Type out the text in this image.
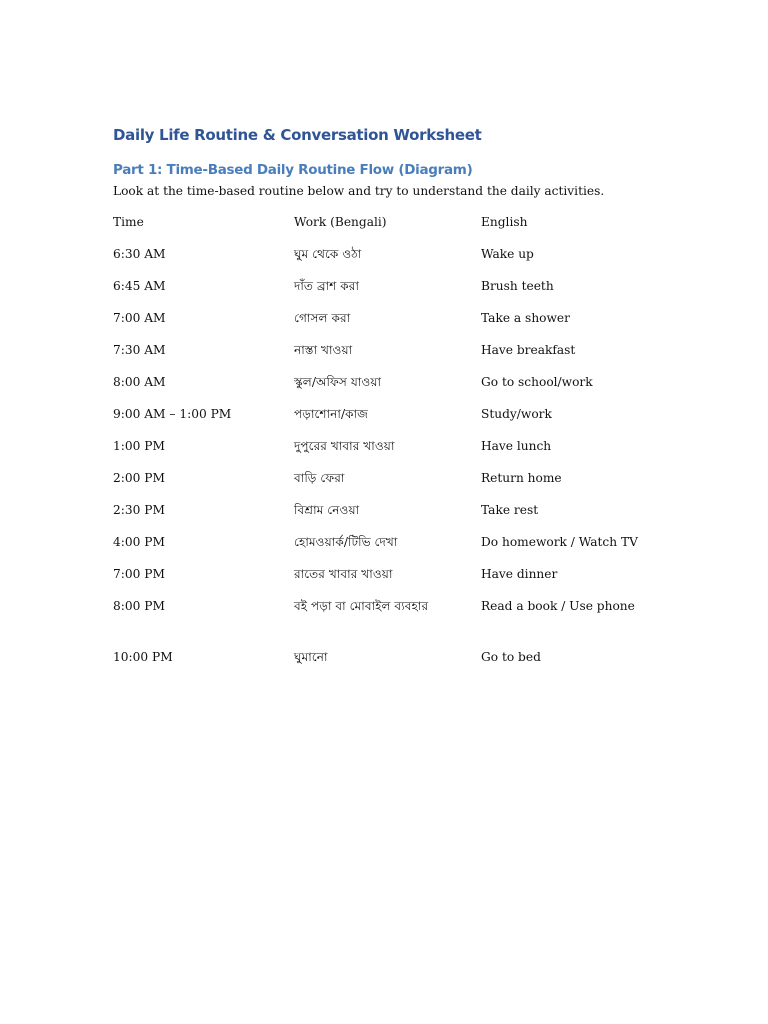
Daily Life Routine & Conversation Worksheet
Part 1: Time-Based Daily Routine Flow (Diagram)

Look at the time-based routine below and try to understand the daily activities.

Time	Work (Bengali)	English
6:30 AM	ঘুম থেকে ওঠা	Wake up
6:45 AM	দাঁত ব্রাশ করা	Brush teeth
7:00 AM	গোসল করা	Take a shower
7:30 AM	নাস্তা খাওয়া	Have breakfast
8:00 AM	স্কুল/অফিস যাওয়া	Go to school/work
9:00 AM – 1:00 PM	পড়াশোনা/কাজ	Study/work
1:00 PM	দুপুরের খাবার খাওয়া	Have lunch
2:00 PM	বাড়ি ফেরা	Return home
2:30 PM	বিশ্রাম নেওয়া	Take rest
4:00 PM	হোমওয়ার্ক/টিভি দেখা	Do homework / Watch TV
7:00 PM	রাতের খাবার খাওয়া	Have dinner
8:00 PM	বই পড়া বা মোবাইল ব্যবহার	Read a book / Use phone
10:00 PM	ঘুমানো	Go to bed
